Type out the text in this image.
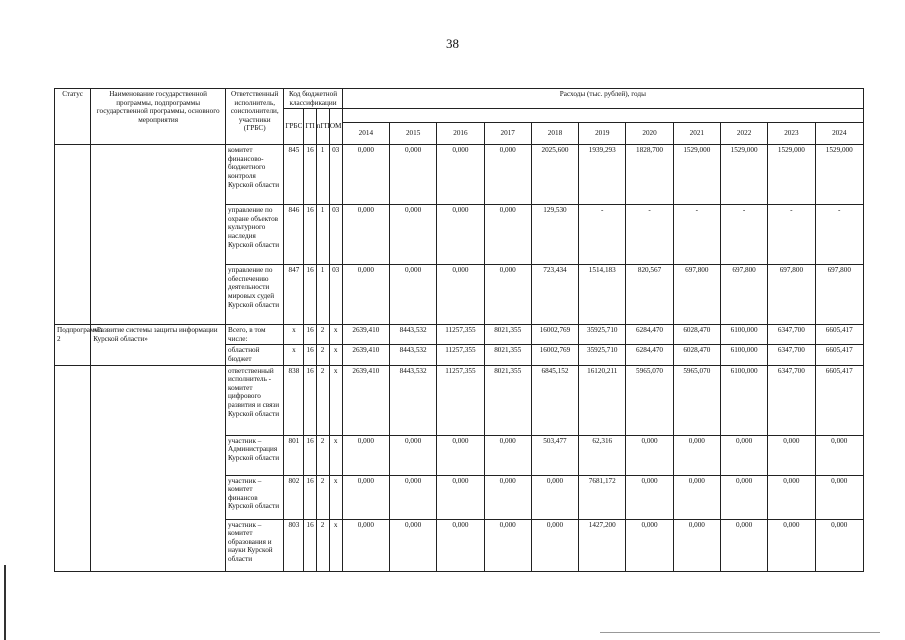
38
Статус	Наименование государственной программы, подпрограммы государственной программы, основного мероприятия	Ответственный исполнитель, соисполнители, участники (ГРБС)	Код бюджетной классификации				Расходы (тыс. рублей), годы										
			ГРБС	ГП	пГП	ОМ											
							2014	2015	2016	2017	2018	2019	2020	2021	2022	2023	2024
		комитет финансово-бюджетного контроля Курской области	845	16	1	03	0,000	0,000	0,000	0,000	2025,600	1939,293	1828,700	1529,000	1529,000	1529,000	1529,000
		управление по охране объектов культурного наследия Курской области	846	16	1	03	0,000	0,000	0,000	0,000	129,530	-	-	-	-	-	-
		управление по обеспечению деятельности мировых судей Курской области	847	16	1	03	0,000	0,000	0,000	0,000	723,434	1514,183	820,567	697,800	697,800	697,800	697,800
Подпрограмма 2	«Развитие системы защиты информации Курской области»	Всего, в том числе:	х	16	2	х	2639,410	8443,532	11257,355	8021,355	16002,769	35925,710	6284,470	6028,470	6100,000	6347,700	6605,417
		областной бюджет	х	16	2	х	2639,410	8443,532	11257,355	8021,355	16002,769	35925,710	6284,470	6028,470	6100,000	6347,700	6605,417
		ответственный исполнитель - комитет цифрового развития и связи Курской области	838	16	2	х	2639,410	8443,532	11257,355	8021,355	6845,152	16120,211	5965,070	5965,070	6100,000	6347,700	6605,417
		участник – Администрация Курской области	801	16	2	х	0,000	0,000	0,000	0,000	503,477	62,316	0,000	0,000	0,000	0,000	0,000
		участник – комитет финансов Курской области	802	16	2	х	0,000	0,000	0,000	0,000	0,000	7681,172	0,000	0,000	0,000	0,000	0,000
		участник – комитет образования и науки Курской области	803	16	2	х	0,000	0,000	0,000	0,000	0,000	1427,200	0,000	0,000	0,000	0,000	0,000
